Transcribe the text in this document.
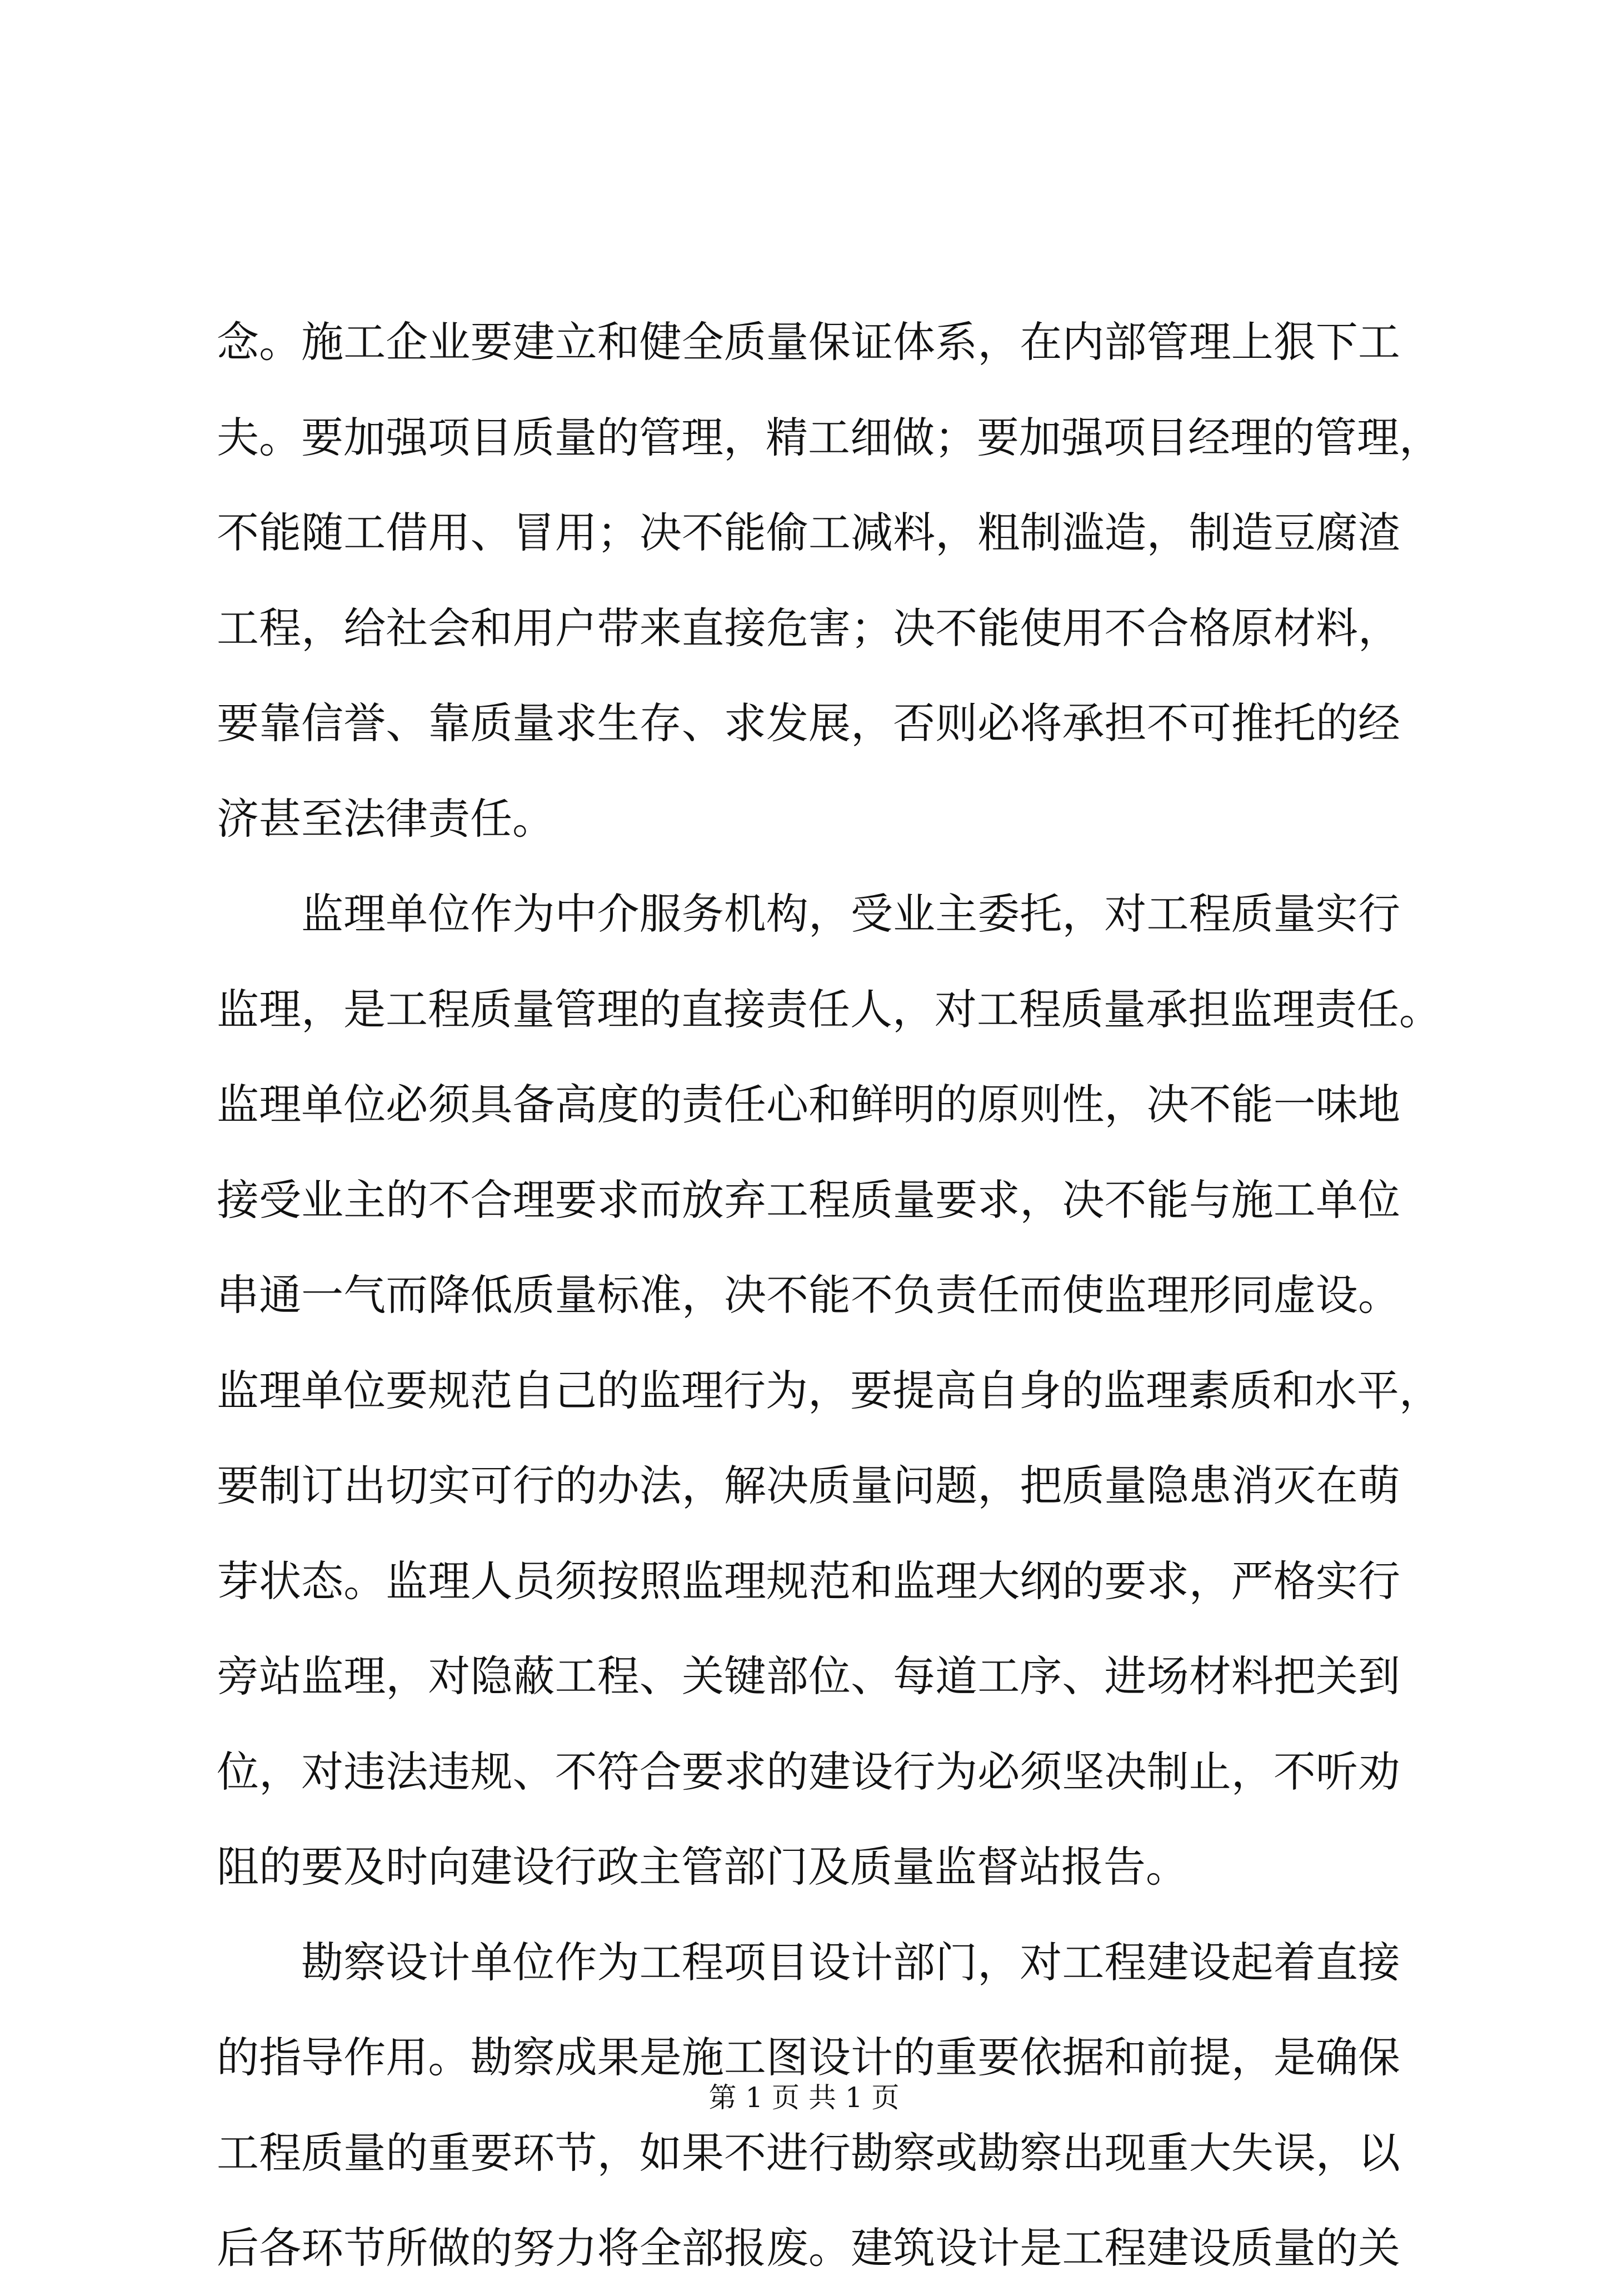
念。施工企业要建立和健全质量保证体系，在内部管理上狠下工
夫。要加强项目质量的管理，精工细做；要加强项目经理的管理，
不能随工借用、冒用；决不能偷工减料，粗制滥造，制造豆腐渣
工程，给社会和用户带来直接危害；决不能使用不合格原材料，
要靠信誉、靠质量求生存、求发展，否则必将承担不可推托的经
济甚至法律责任。
监理单位作为中介服务机构，受业主委托，对工程质量实行
监理，是工程质量管理的直接责任人，对工程质量承担监理责任。
监理单位必须具备高度的责任心和鲜明的原则性，决不能一味地
接受业主的不合理要求而放弃工程质量要求，决不能与施工单位
串通一气而降低质量标准，决不能不负责任而使监理形同虚设。
监理单位要规范自己的监理行为，要提高自身的监理素质和水平，
要制订出切实可行的办法，解决质量问题，把质量隐患消灭在萌
芽状态。监理人员须按照监理规范和监理大纲的要求，严格实行
旁站监理，对隐蔽工程、关键部位、每道工序、进场材料把关到
位，对违法违规、不符合要求的建设行为必须坚决制止，不听劝
阻的要及时向建设行政主管部门及质量监督站报告。
勘察设计单位作为工程项目设计部门，对工程建设起着直接
的指导作用。勘察成果是施工图设计的重要依据和前提，是确保
工程质量的重要环节，如果不进行勘察或勘察出现重大失误，以
后各环节所做的努力将全部报废。建筑设计是工程建设质量的关
第 1 页 共 1 页
